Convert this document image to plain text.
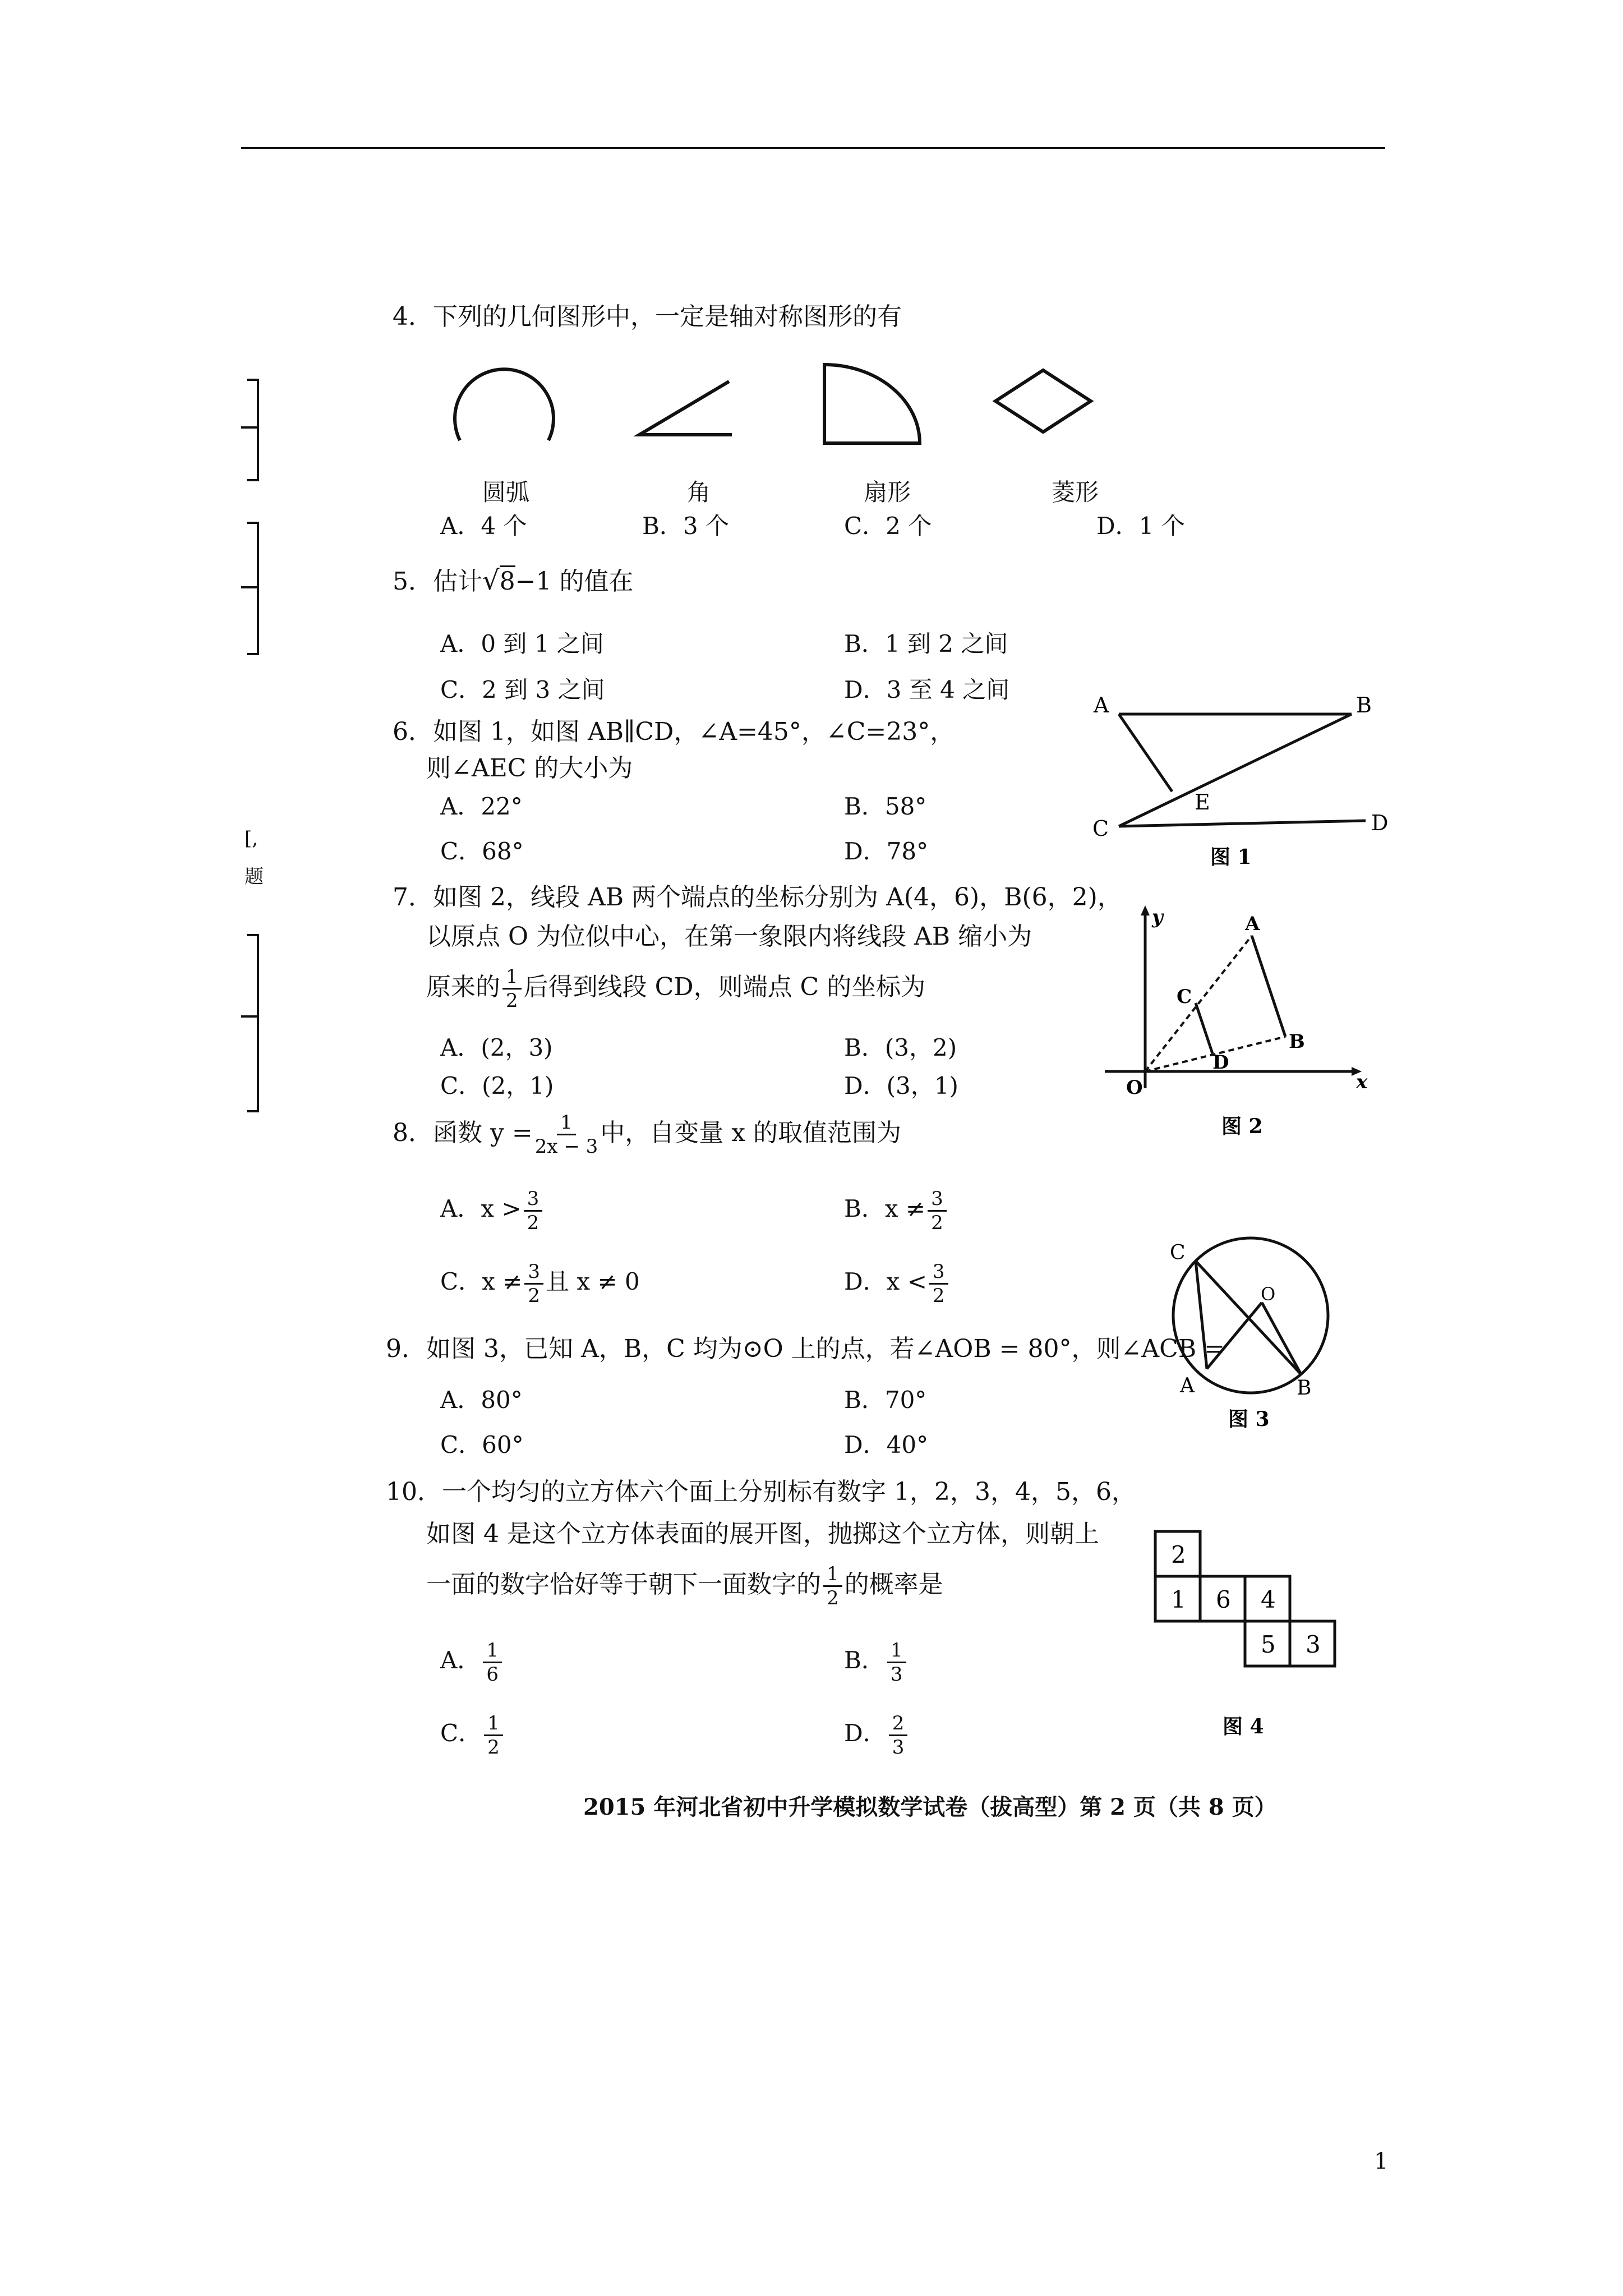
[,
题
4．下列的几何图形中，一定是轴对称图形的有
圆弧	角	扇形	菱形
A．4 个	B．3 个	C．2 个	D．1 个
5．估计√8−1 的值在
A．0 到 1 之间	B．1 到 2 之间
C．2 到 3 之间	D．3 至 4 之间
6．如图 1，如图 AB∥CD，∠A=45°，∠C=23°，
则∠AEC 的大小为
A．22°	B．58°
C．68°	D．78°
A	B
C	D
E
图 1
7．如图 2，线段 AB 两个端点的坐标分别为 A(4，6)，B(6，2)，
以原点 O 为位似中心，在第一象限内将线段 AB 缩小为
原来的 $\frac{1}{2}$ 后得到线段 CD，则端点 C 的坐标为
A．(2，3)	B．(3，2)
C．(2，1)	D．(3，1)
y
x
O
A
B
C
D
图 2
8．函数 $y = \frac{1}{2x - 3}$ 中，自变量 x 的取值范围为
A．$x > \frac{3}{2}$	B．$x \ne \frac{3}{2}$
C．$x \ne \frac{3}{2}$ 且 x ≠ 0	D．$x < \frac{3}{2}$
C
O
A	B
图 3
9．如图 3，已知 A，B，C 均为⊙O 上的点，若∠AOB = 80°，则∠ACB =
A．80°	B．70°
C．60°	D．40°
10．一个均匀的立方体六个面上分别标有数字 1，2，3，4，5，6，
如图 4 是这个立方体表面的展开图，抛掷这个立方体，则朝上
一面的数字恰好等于朝下一面数字的 $\frac{1}{2}$ 的概率是
A． $\frac{1}{6}$	B． $\frac{1}{3}$
C． $\frac{1}{2}$	D． $\frac{2}{3}$
2
1 6 4
5 3
图 4
2015 年河北省初中升学模拟数学试卷（拔高型）第 2 页（共 8 页）
1
